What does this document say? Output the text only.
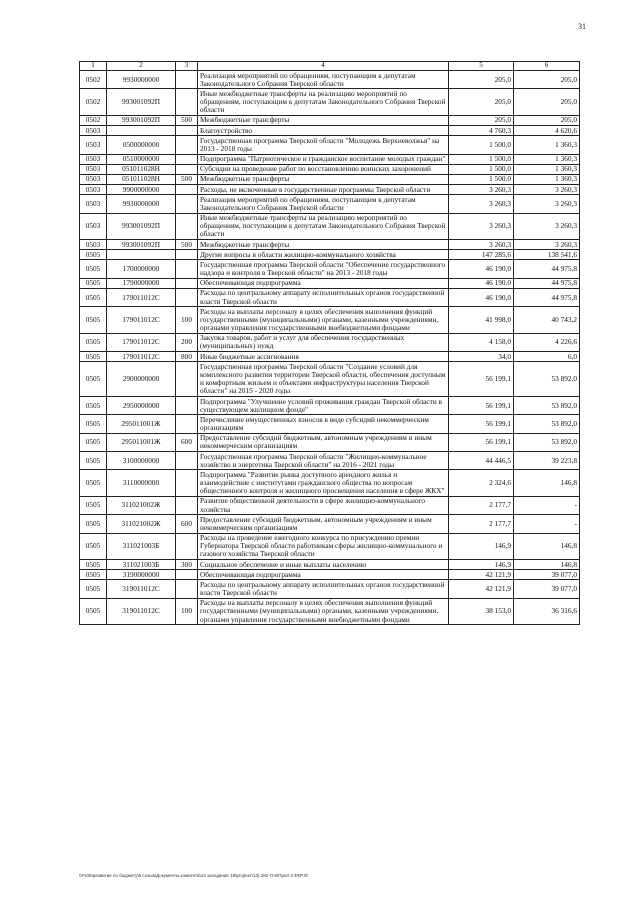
31
1	2	3	4	5	6
0502	9930000000		Реализация мероприятий по обращениям, поступающим к депутатам Законодательного Собрания Тверской области	205,0	205,0
0502	993001092П		Иные межбюджетные трансферты на реализацию мероприятий по обращениям, поступающим к депутатам Законодательного Собрания Тверской области	205,0	205,0
0502	993001092П	500	Межбюджетные трансферты	205,0	205,0
0503			Благоустройство	4 760,3	4 620,6
0503	0500000000		Государственная программа Тверской области "Молодежь Верхневолжья" на 2013 - 2018 годы	1 500,0	1 360,3
0503	0510000000		Подпрограмма "Патриотическое и гражданское воспитание молодых граждан"	1 500,0	1 360,3
0503	051011028Н		Субсидии на проведение работ по восстановлению воинских захоронений	1 500,0	1 360,3
0503	051011028Н	500	Межбюджетные трансферты	1 500,0	1 360,3
0503	9900000000		Расходы, не включенные в государственные программы Тверской области	3 260,3	3 260,3
0503	9930000000		Реализация мероприятий по обращениям, поступающим к депутатам Законодательного Собрания Тверской области	3 260,3	3 260,3
0503	993001092П		Иные межбюджетные трансферты на реализацию мероприятий по обращениям, поступающим к депутатам Законодательного Собрания Тверской области	3 260,3	3 260,3
0503	993001092П	500	Межбюджетные трансферты	3 260,3	3 260,3
0505			Другие вопросы в области жилищно-коммунального хозяйства	147 285,6	138 541,6
0505	1700000000		Государственная программа Тверской области "Обеспечение государственного надзора и контроля в Тверской области" на 2013 - 2018 годы	46 190,0	44 975,8
0505	1790000000		Обеспечивающая подпрограмма	46 190,0	44 975,8
0505	179011012С		Расходы по центральному аппарату исполнительных органов государственной власти Тверской области	46 190,0	44 975,8
0505	179011012С	100	Расходы на выплаты персоналу в целях обеспечения выполнения функций государственными (муниципальными) органами, казенными учреждениями, органами управления государственными внебюджетными фондами	41 998,0	40 743,2
0505	179011012С	200	Закупка товаров, работ и услуг для обеспечения государственных (муниципальных) нужд	4 158,0	4 226,6
0505	179011012С	800	Иные бюджетные ассигнования	34,0	6,0
0505	2900000000		Государственная программа Тверской области "Создание условий для комплексного развития территории Тверской области, обеспечения доступным и комфортным жильем и объектами инфраструктуры населения Тверской области" на 2015 - 2020 годы	56 199,1	53 892,0
0505	2950000000		Подпрограмма "Улучшение условий проживания граждан Тверской области в существующем жилищном фонде"	56 199,1	53 892,0
0505	295011001Ж		Перечисление имущественных взносов в виде субсидий некоммерческим организациям	56 199,1	53 892,0
0505	295011001Ж	600	Предоставление субсидий бюджетным, автономным учреждениям и иным некоммерческим организациям	56 199,1	53 892,0
0505	3100000000		Государственная программа Тверской области "Жилищно-коммунальное хозяйство и энергетика Тверской области" на 2016 - 2021 годы	44 446,5	39 223,8
0505	3110000000		Подпрограмма "Развитие рынка доступного арендного жилья и взаимодействие с институтами гражданского общества по вопросам общественного контроля и жилищного просвещения населения в сфере ЖКХ"	2 324,6	146,8
0505	311021002Ж		Развитие общественной деятельности в сфере жилищно-коммунального хозяйства	2 177,7	-
0505	311021002Ж	600	Предоставление субсидий бюджетным, автономным учреждениям и иным некоммерческим организациям	2 177,7	-
0505	311021003Б		Расходы на проведение ежегодного конкурса по присуждению премии Губернатора Тверской области работникам сферы жилищно-коммунального и газового хозяйства Тверской области	146,9	146,8
0505	311021003Б	300	Социальное обеспечение и иные выплаты населению	146,9	146,8
0505	3190000000		Обеспечивающая подпрограмма	42 121,9	39 077,0
0505	319011012С		Расходы по центральному аппарату исполнительных органов государственной власти Тверской области	42 121,9	39 077,0
0505	319011012С	100	Расходы на выплаты персоналу в целях обеспечения выполнения функций государственными (муниципальными) органами, казенными учреждениями, органами управления государственными внебюджетными фондами	38 153,0	36 316,6
\\Fs05\развитие по бюджету\6 созыв\Документы комитета\13 заседание 18\proj\ект\13) 282-П-6\Прил 3 ФКР.rtf
